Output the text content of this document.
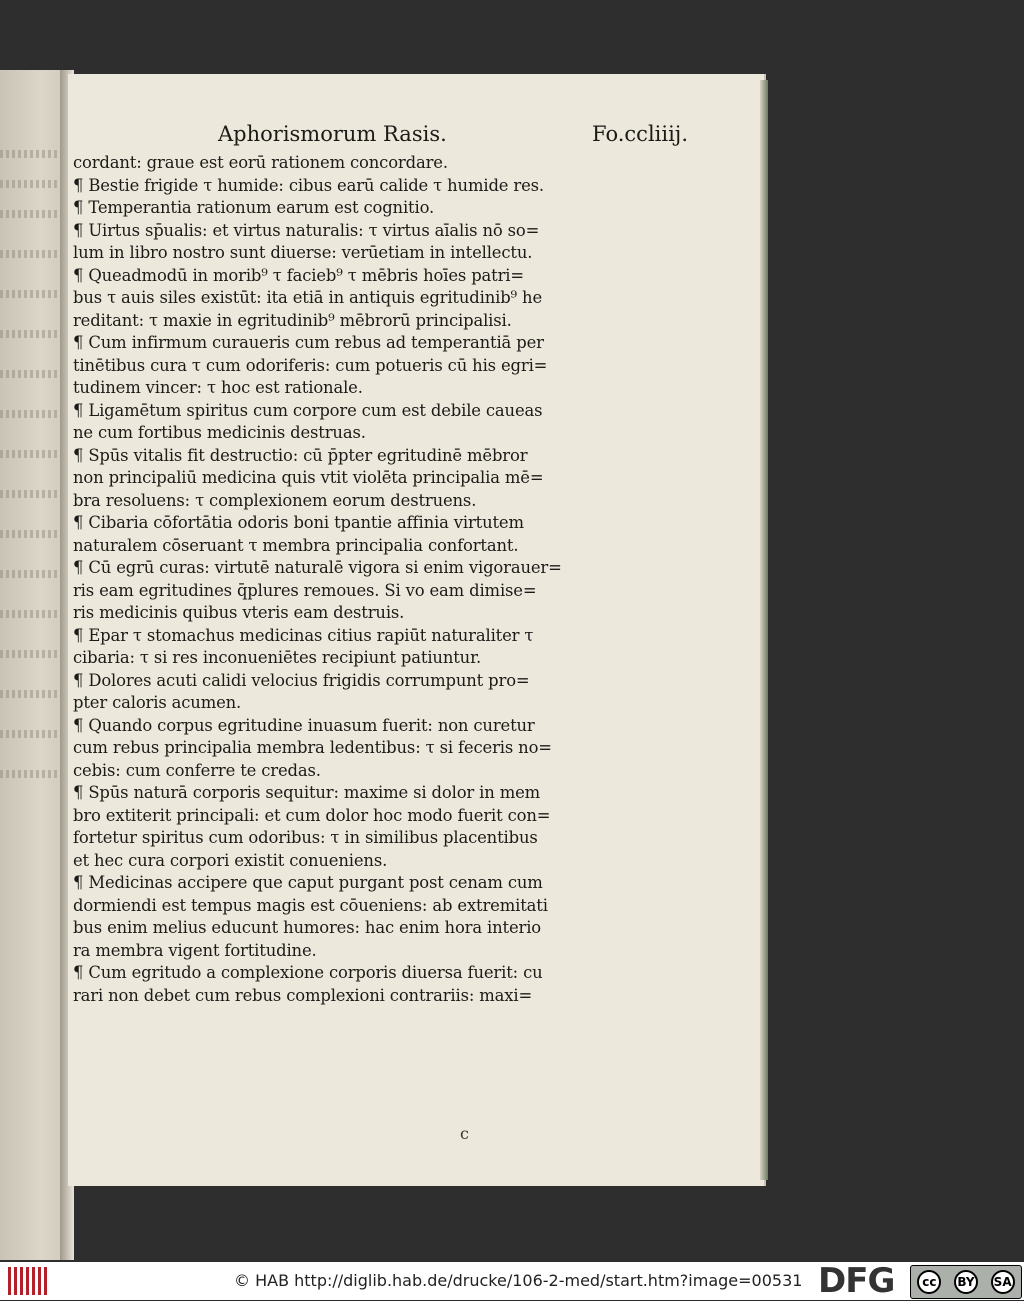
Aphorismorum Rasis.	Fo.ccliiij.
cordant: graue est eorū rationem concordare.
¶ Bestie frigide τ humide: cibus earū calide τ humide res.
¶ Temperantia rationum earum est cognitio.
¶ Uirtus sp̄ualis: et virtus naturalis: τ virtus aīalis nō so=
lum in libro nostro sunt diuerse: verūetiam in intellectu.
¶ Queadmodū in morib⁹ τ facieb⁹ τ mēbris hoīes patri=
bus τ auis siles existūt: ita etiā in antiquis egritudinib⁹ he
reditant: τ maxie in egritudinib⁹ mēbrorū principalisi.
¶ Cum infirmum curaueris cum rebus ad temperantiā per
tinētibus cura τ cum odoriferis: cum potueris cū his egri=
tudinem vincer: τ hoc est rationale.
¶ Ligamētum spiritus cum corpore cum est debile caueas
ne cum fortibus medicinis destruas.
¶ Spūs vitalis fit destructio: cū p̄pter egritudinē mēbror
non principaliū medicina quis vtit violēta principalia mē=
bra resoluens: τ complexionem eorum destruens.
¶ Cibaria cōfortātia odoris boni tpantie affinia virtutem
naturalem cōseruant τ membra principalia confortant.
¶ Cū egrū curas: virtutē naturalē vigora si enim vigorauer=
ris eam egritudines q̄plures remoues. Si vo eam dimise=
ris medicinis quibus vteris eam destruis.
¶ Epar τ stomachus medicinas citius rapiūt naturaliter τ
cibaria: τ si res inconueniētes recipiunt patiuntur.
¶ Dolores acuti calidi velocius frigidis corrumpunt pro=
pter caloris acumen.
¶ Quando corpus egritudine inuasum fuerit: non curetur
cum rebus principalia membra ledentibus: τ si feceris no=
cebis: cum conferre te credas.
¶ Spūs naturā corporis sequitur: maxime si dolor in mem
bro extiterit principali: et cum dolor hoc modo fuerit con=
fortetur spiritus cum odoribus: τ in similibus placentibus
et hec cura corpori existit conueniens.
¶ Medicinas accipere que caput purgant post cenam cum
dormiendi est tempus magis est cōueniens: ab extremitati
bus enim melius educunt humores: hac enim hora interio
ra membra vigent fortitudine.
¶ Cum egritudo a complexione corporis diuersa fuerit: cu
rari non debet cum rebus complexioni contrariis: maxi=
c
© HAB http://diglib.hab.de/drucke/106-2-med/start.htm?image=00531 DFG	cc	BY SA
